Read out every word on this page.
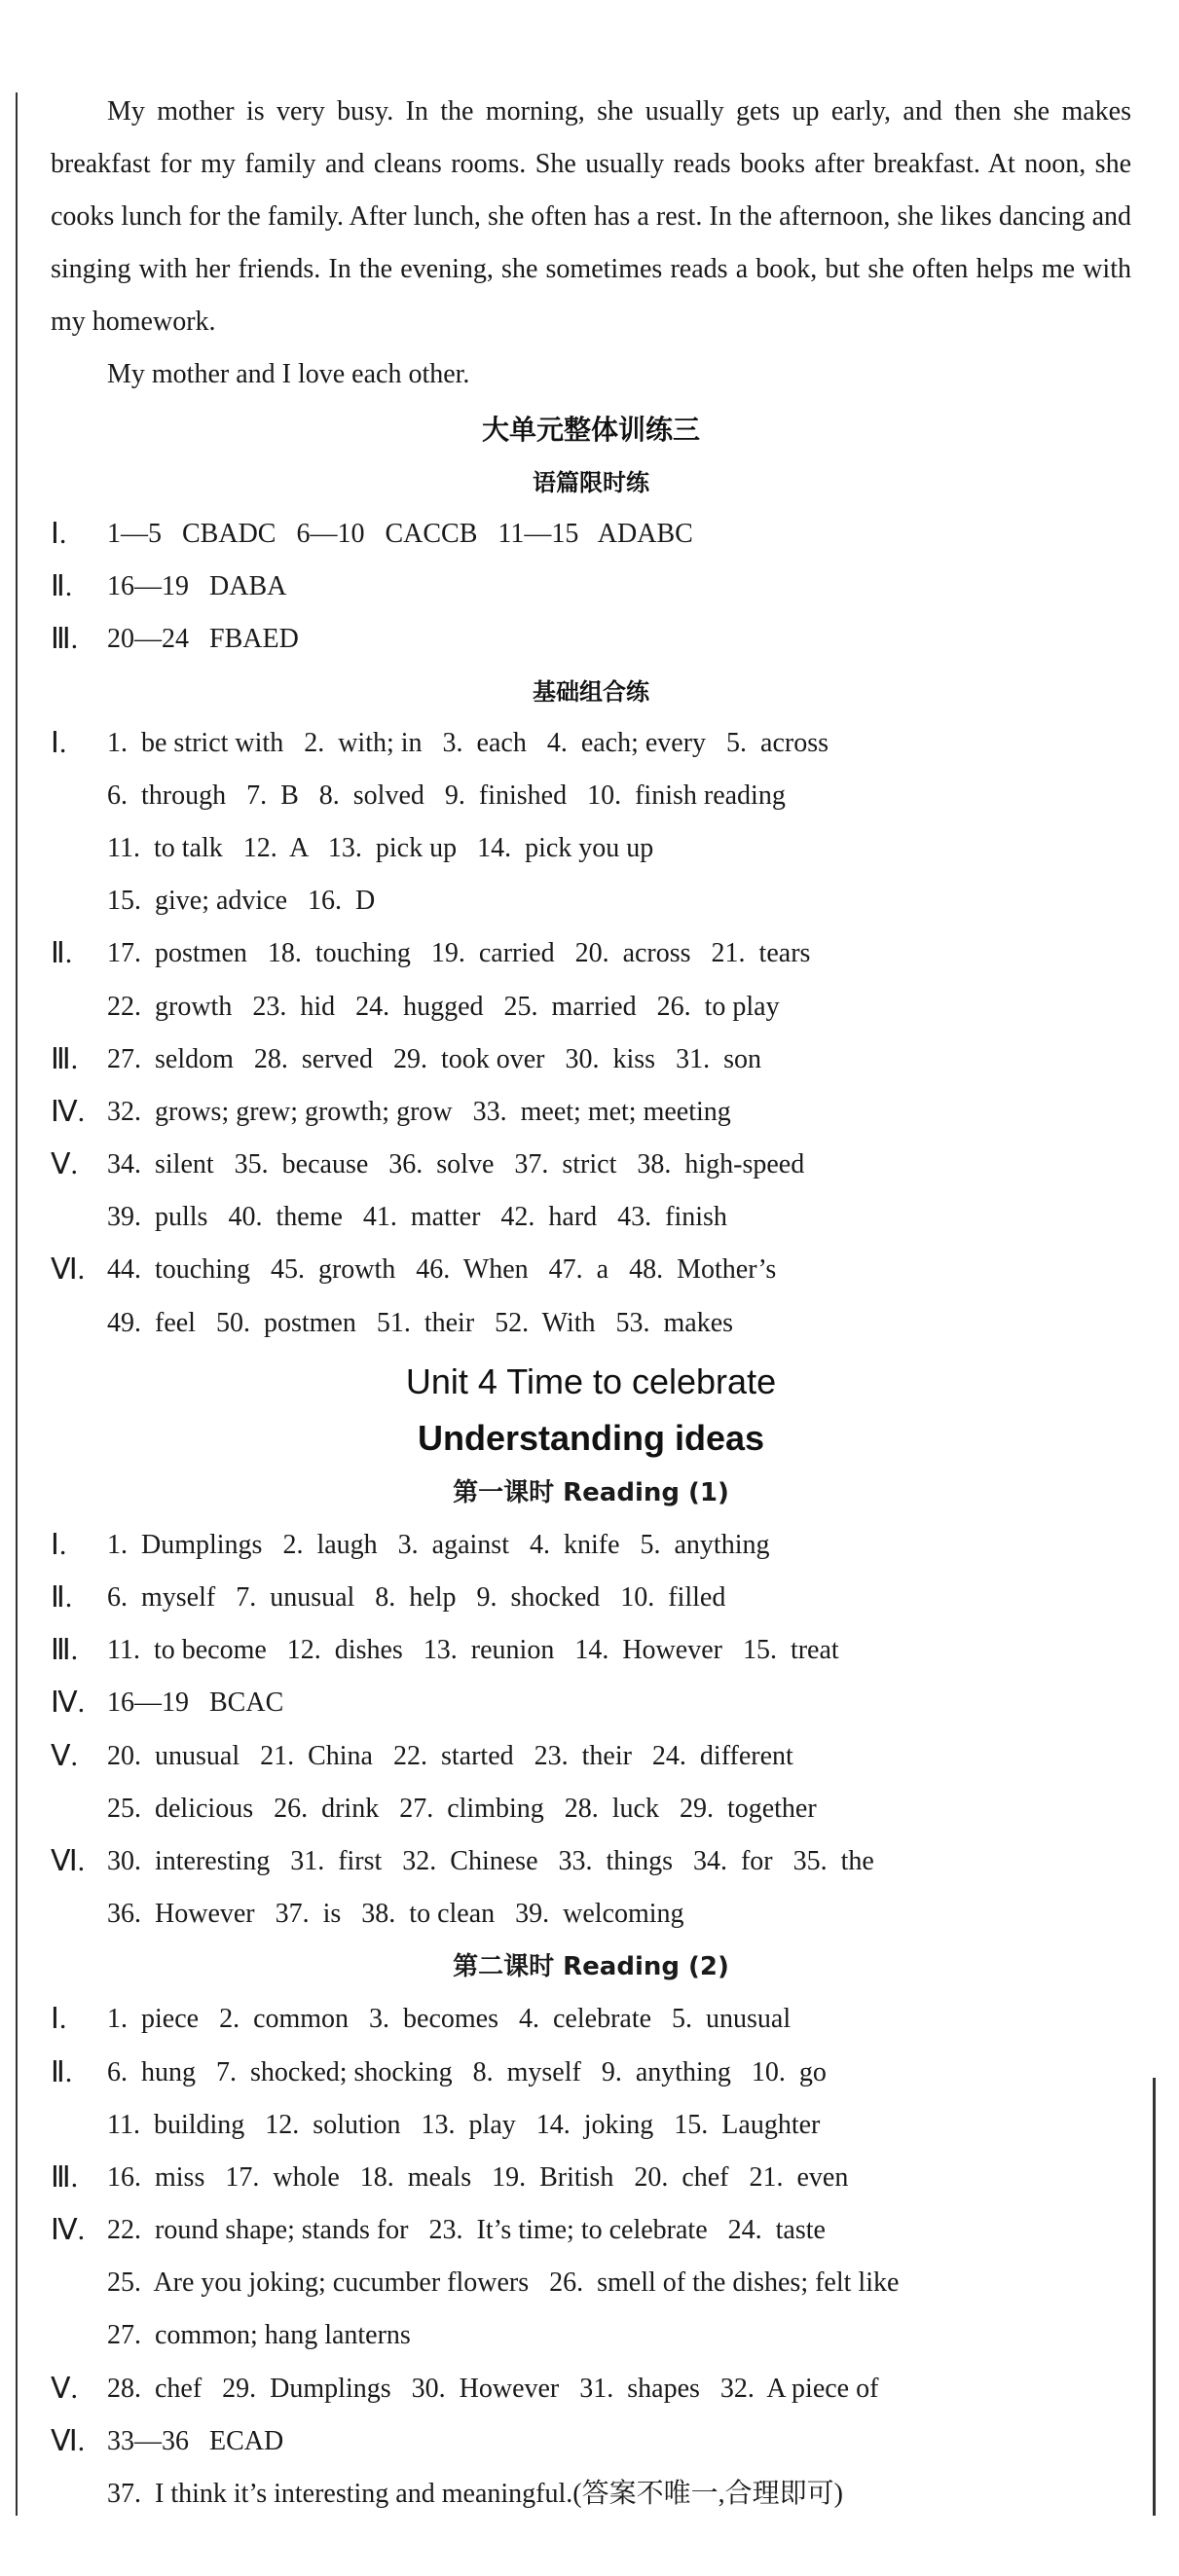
My mother is very busy. In the morning, she usually gets up early, and then she makes breakfast for my family and cleans rooms. She usually reads books after breakfast. At noon, she cooks lunch for the family. After lunch, she often has a rest. In the afternoon, she likes dancing and singing with her friends. In the evening, she sometimes reads a book, but she often helps me with my homework.

My mother and I love each other.

大单元整体训练三

语篇限时练

Ⅰ. 1—5   CBADC   6—10   CACCB   11—15   ADABC
Ⅱ. 16—19   DABA
Ⅲ. 20—24   FBAED

基础组合练

Ⅰ. 1.  be strict with   2.  with; in   3.  each   4.  each; every   5.  across
6.  through   7.  B   8.  solved   9.  finished   10.  finish reading
11.  to talk   12.  A   13.  pick up   14.  pick you up
15.  give; advice   16.  D
Ⅱ. 17.  postmen   18.  touching   19.  carried   20.  across   21.  tears
22.  growth   23.  hid   24.  hugged   25.  married   26.  to play
Ⅲ. 27.  seldom   28.  served   29.  took over   30.  kiss   31.  son
Ⅳ. 32.  grows; grew; growth; grow   33.  meet; met; meeting
Ⅴ. 34.  silent   35.  because   36.  solve   37.  strict   38.  high-speed
39.  pulls   40.  theme   41.  matter   42.  hard   43.  finish
Ⅵ. 44.  touching   45.  growth   46.  When   47.  a   48.  Mother’s
49.  feel   50.  postmen   51.  their   52.  With   53.  makes

Unit 4 Time to celebrate

Understanding ideas

第一课时 Reading (1)

Ⅰ. 1.  Dumplings   2.  laugh   3.  against   4.  knife   5.  anything
Ⅱ. 6.  myself   7.  unusual   8.  help   9.  shocked   10.  filled
Ⅲ. 11.  to become   12.  dishes   13.  reunion   14.  However   15.  treat
Ⅳ. 16—19   BCAC
Ⅴ. 20.  unusual   21.  China   22.  started   23.  their   24.  different
25.  delicious   26.  drink   27.  climbing   28.  luck   29.  together
Ⅵ. 30.  interesting   31.  first   32.  Chinese   33.  things   34.  for   35.  the
36.  However   37.  is   38.  to clean   39.  welcoming

第二课时 Reading (2)

Ⅰ. 1.  piece   2.  common   3.  becomes   4.  celebrate   5.  unusual
Ⅱ. 6.  hung   7.  shocked; shocking   8.  myself   9.  anything   10.  go
11.  building   12.  solution   13.  play   14.  joking   15.  Laughter
Ⅲ. 16.  miss   17.  whole   18.  meals   19.  British   20.  chef   21.  even
Ⅳ. 22.  round shape; stands for   23.  It’s time; to celebrate   24.  taste
25.  Are you joking; cucumber flowers   26.  smell of the dishes; felt like
27.  common; hang lanterns
Ⅴ. 28.  chef   29.  Dumplings   30.  However   31.  shapes   32.  A piece of
Ⅵ. 33—36   ECAD
37.  I think it’s interesting and meaningful.(答案不唯一,合理即可)
